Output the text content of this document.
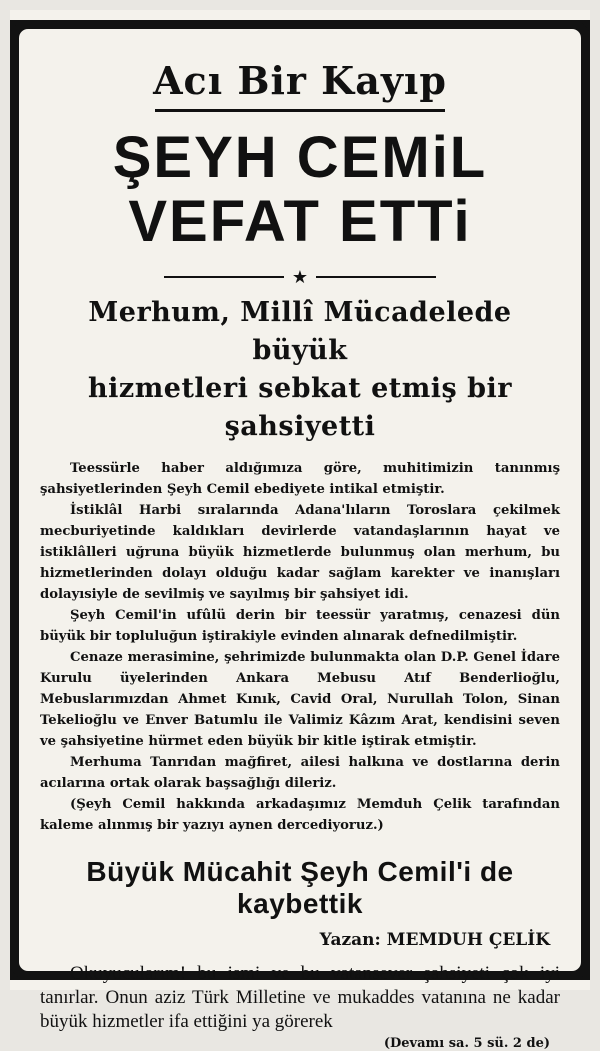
Acı Bir Kayıp
ŞEYH CEMiL
VEFAT ETTi
★
Merhum, Millî Mücadelede büyük
hizmetleri sebkat etmiş bir şahsiyetti

Teessürle haber aldığımıza göre, muhitimizin tanınmış şahsiyetlerinden Şeyh Cemil ebediyete intikal etmiştir.

İstiklâl Harbi sıralarında Adana'lıların Toroslara çekilmek mecburiyetinde kaldıkları devirlerde vatandaşlarının hayat ve istiklâlleri uğruna büyük hizmetlerde bulunmuş olan merhum, bu hizmetlerinden dolayı olduğu kadar sağlam karekter ve inanışları dolayısiyle de sevilmiş ve sayılmış bir şahsiyet idi.

Şeyh Cemil'in ufûlü derin bir teessür yaratmış, cenazesi dün büyük bir topluluğun iştirakiyle evinden alınarak defnedilmiştir.

Cenaze merasimine, şehrimizde bulunmakta olan D.P. Genel İdare Kurulu üyelerinden Ankara Mebusu Atıf Benderlioğlu, Mebuslarımızdan Ahmet Kınık, Cavid Oral, Nurullah Tolon, Sinan Tekelioğlu ve Enver Batumlu ile Valimiz Kâzım Arat, kendisini seven ve şahsiyetine hürmet eden büyük bir kitle iştirak etmiştir.

Merhuma Tanrıdan mağfiret, ailesi halkına ve dostlarına derin acılarına ortak olarak başsağlığı dileriz.

(Şeyh Cemil hakkında arkadaşımız Memduh Çelik tarafından kaleme alınmış bir yazıyı aynen dercediyoruz.)

Büyük Mücahit Şeyh Cemil'i de kaybettik
Yazan: MEMDUH ÇELİK

Okuyucularım! bu ismi ve bu vatansever şahsiyeti çok iyi tanırlar. Onun aziz Türk Milletine ve mukaddes vatanına ne kadar büyük hizmetler ifa ettiğini ya görerek

(Devamı sa. 5 sü. 2 de)
